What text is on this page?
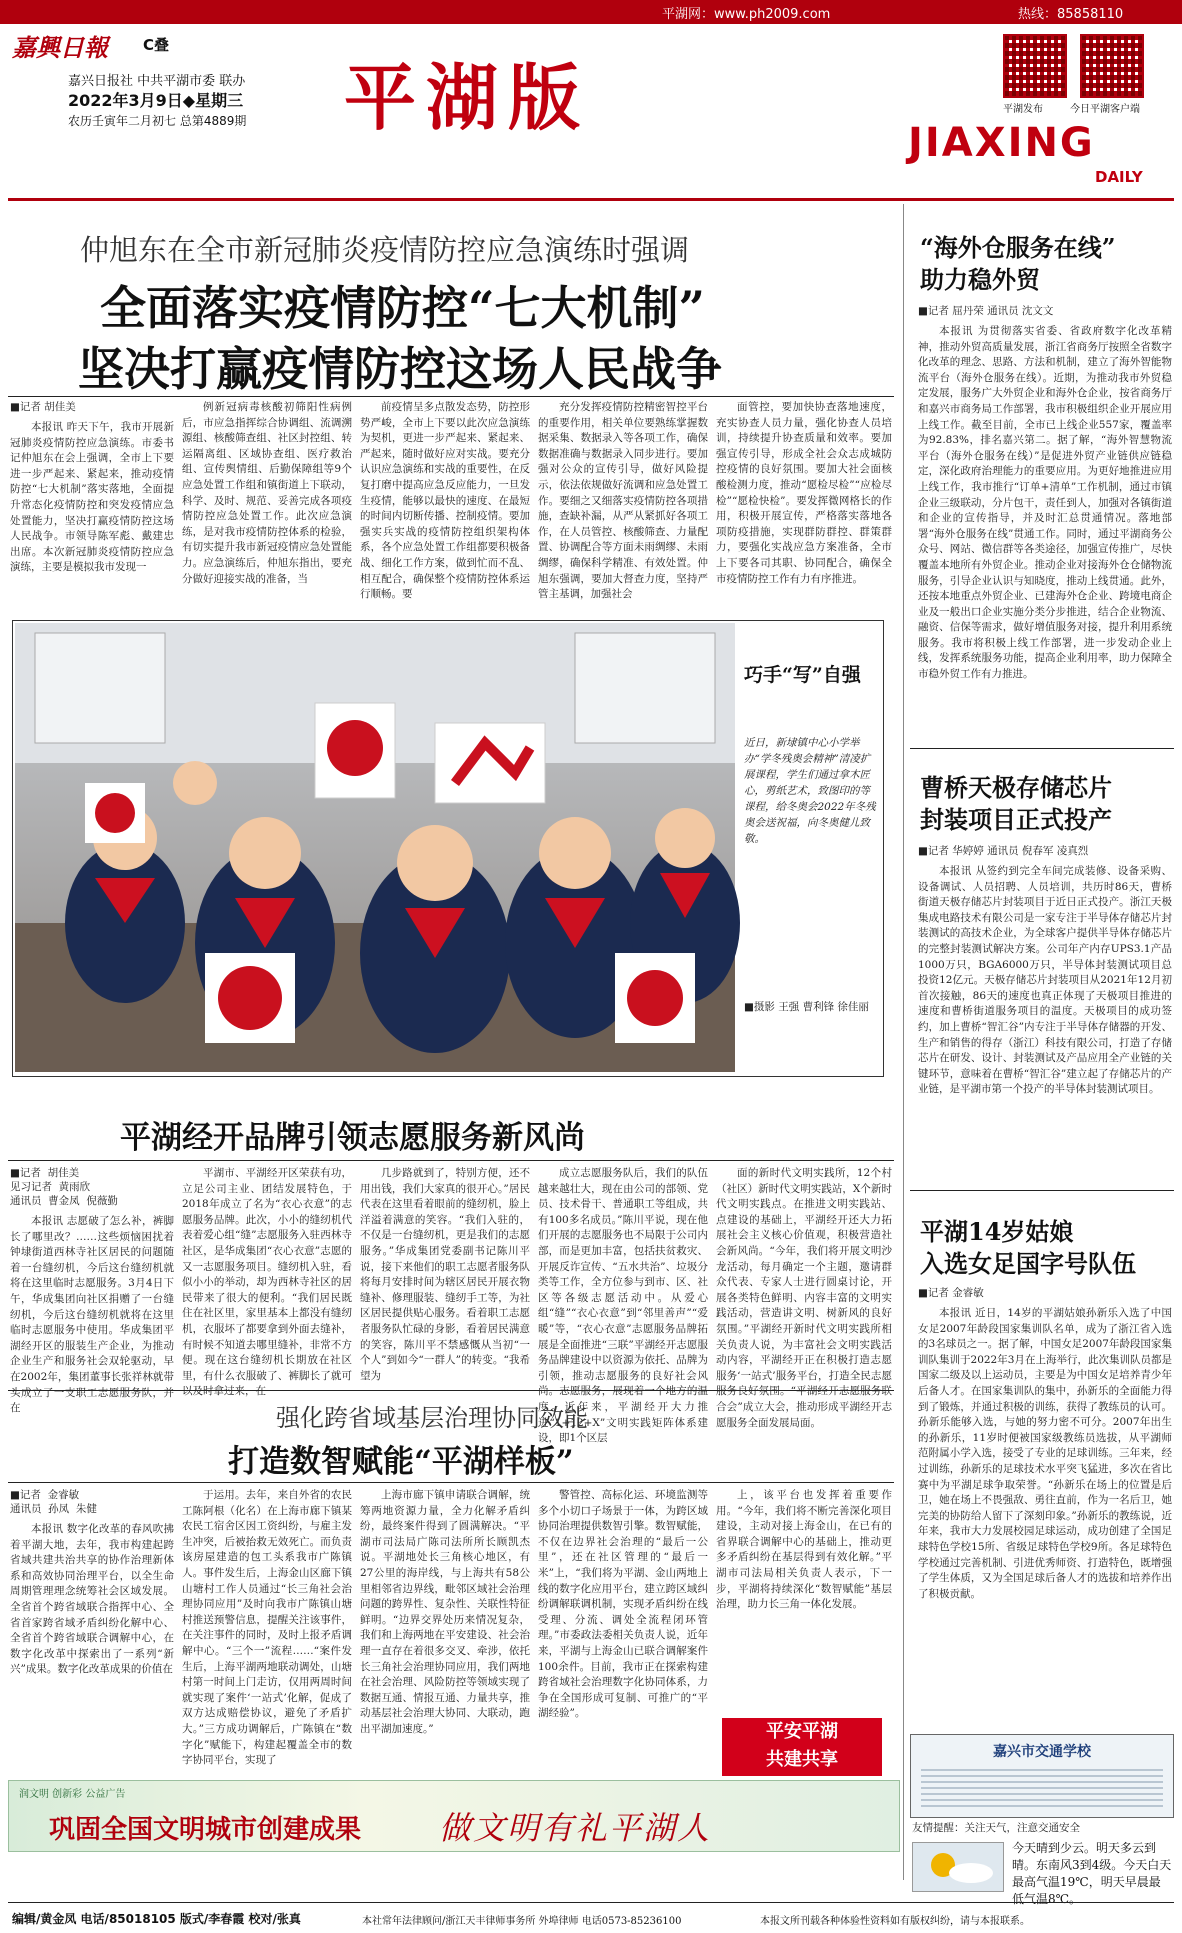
平湖网：www.ph2009.com	热线：85858110
嘉興日報	C叠
嘉兴日报社 中共平湖市委 联办
2022年3月9日◆星期三
农历壬寅年二月初七 总第4889期 平湖版	平湖发布	今日平湖客户端
JIAXING
DAILY
仲旭东在全市新冠肺炎疫情防控应急演练时强调
全面落实疫情防控“七大机制”
坚决打赢疫情防控这场人民战争
■记者 胡佳美

本报讯 昨天下午，我市开展新冠肺炎疫情防控应急演练。市委书记仲旭东在会上强调，全市上下要进一步严起来、紧起来，推动疫情防控“七大机制”落实落地，全面提升常态化疫情防控和突发疫情应急处置能力，坚决打赢疫情防控这场人民战争。市领导陈军彪、戴建忠出席。本次新冠肺炎疫情防控应急演练，主要是模拟我市发现一

例新冠病毒核酸初筛阳性病例后，市应急指挥综合协调组、流调溯源组、核酸筛查组、社区封控组、转运隔离组、区域协查组、医疗救治组、宣传舆情组、后勤保障组等9个应急处置工作组和镇街道上下联动，科学、及时、规范、妥善完成各项疫情防控应急处置工作。此次应急演练，是对我市疫情防控体系的检验，有切实提升我市新冠疫情应急处置能力。应急演练后，仲旭东指出，要充分做好迎接实战的准备，当

前疫情呈多点散发态势，防控形势严峻，全市上下要以此次应急演练为契机，更进一步严起来、紧起来、严起来，随时做好应对实战。要充分认识应急演练和实战的重要性，在反复打磨中提高应急反应能力，一旦发生疫情，能够以最快的速度、在最短的时间内切断传播、控制疫情。要加强实兵实战的疫情防控组织架构体系，各个应急处置工作组都要积极备战、细化工作方案，做到忙而不乱、相互配合，确保整个疫情防控体系运行顺畅。要

充分发挥疫情防控精密智控平台的重要作用，相关单位要熟练掌握数据采集、数据录入等各项工作，确保数据准确与数据录入同步进行。要加强对公众的宣传引导，做好风险提示，依法依规做好流调和应急处置工作。要细之又细落实疫情防控各项措施，查缺补漏，从严从紧抓好各项工作，在人员管控、核酸筛查、力量配置、协调配合等方面未雨绸缪、未雨绸缪，确保科学精准、有效处置。仲旭东强调，要加大督查力度，坚持严管主基调，加强社会

面管控，要加快协查落地速度，充实协查人员力量，强化协查人员培训，持续提升协查质量和效率。要加强宣传引导，形成全社会众志成城防控疫情的良好氛围。要加大社会面核酸检测力度，推动“愿检尽检”“应检尽检”“愿检快检”。要发挥微网格长的作用，积极开展宣传，严格落实落地各项防疫措施，实现群防群控、群策群力，要强化实战应急方案准备，全市上下要各司其职、协同配合，确保全市疫情防控工作有力有序推进。

巧手“写”自强
近日，新埭镇中心小学举办“学冬残奥会精神”清凌扩展课程，学生们通过拿木匠心，剪纸艺术，致图印的等课程，给冬奥会2022年冬残奥会送祝福，向冬奥健儿致敬。
■摄影 王强 曹利锋 徐佳丽
平湖经开品牌引领志愿服务新风尚
■记者  胡佳美
见习记者  黄雨欣
通讯员  曹金凤  倪薇勤

本报讯 志愿破了怎么补，裤脚长了哪里改？……这些烦恼困扰着钟埭街道西林寺社区居民的问题随着一台缝纫机，今后这台缝纫机就将在这里临时志愿服务。3月4日下午，华成集团向社区捐赠了一台缝纫机，今后这台缝纫机就将在这里临时志愿服务中使用。华成集团平湖经开区的服装生产企业，为推动企业生产和服务社会双轮驱动，早在2002年，集团董事长张祥林就带头成立了一支职工志愿服务队，并在

平湖市、平湖经开区荣获有功，立足公司主业、团结发展特色，于2018年成立了名为“衣心衣意”的志愿服务品牌。此次，小小的缝纫机代表着爱心组“缝”志愿服务入驻西林寺社区，是华成集团“衣心衣意”志愿的又一志愿服务项目。缝纫机入驻，看似小小的举动，却为西林寺社区的居民带来了很大的便利。“我们居民既住在社区里，家里基本上都没有缝纫机，衣服坏了都要拿到外面去缝补，有时候不知道去哪里缝补，非常不方便。现在这台缝纫机长期放在社区里，有什么衣服破了、裤脚长了就可以及时拿过来，在

几步路就到了，特别方便，还不用出钱，我们大家真的很开心。”居民代表在这里看着眼前的缝纫机，脸上洋溢着满意的笑容。“我们入驻的，不仅是一台缝纫机，更是我们的志愿服务。”华成集团党委副书记陈川平说，接下来他们的职工志愿者服务队将每月安排时间为辖区居民开展衣物缝补、修理服装、缝纫手工等，为社区居民提供贴心服务。看着职工志愿者服务队忙碌的身影，看着居民满意的笑容，陈川平不禁感慨从当初“一个人”到如今“一群人”的转变。“我希望为

成立志愿服务队后，我们的队伍越来越壮大，现在由公司的部领、党员、技术骨干、普通职工等组成，共有100多名成员。”陈川平说，现在他们开展的志愿服务也不局限于公司内部，而是更加丰富，包括扶贫救灾、开展反诈宣传、“五水共治”、垃圾分类等工作，全方位参与到市、区、社区等各级志愿活动中。从爱心组“缝”“衣心衣意”到“邻里善声”“爱暖”等，“衣心衣意”志愿服务品牌拓展是全面推进“三联”平湖经开志愿服务品牌建设中以资源为依托、品牌为引领，推动志愿服务的良好社会风尚。志愿服务，展现着一个地方的温度。近年来，平湖经开大力推进“1+12+X”文明实践矩阵体系建设，即1个区层

面的新时代文明实践所，12个村（社区）新时代文明实践站，X个新时代文明实践点。在推进文明实践站、点建设的基础上，平湖经开还大力拓展社会主义核心价值观，积极营造社会新风尚。“今年，我们将开展文明沙龙活动，每月确定一个主题，邀请群众代表、专家人士进行圆桌讨论，开展各类特色鲜明、内容丰富的文明实践活动，营造讲文明、树新风的良好氛围。”平湖经开新时代文明实践所相关负责人说，为丰富社会文明实践活动内容，平湖经开正在积极打造志愿服务‘一站式’服务平台，打造全民志愿服务良好氛围。“平湖经开志愿服务联合会”成立大会，推动形成平湖经开志愿服务全面发展局面。

强化跨省域基层治理协同效能
打造数智赋能“平湖样板”
■记者  金睿敏
通讯员  孙凤  朱健

本报讯 数字化改革的春风吹拂着平湖大地，去年，我市构建起跨省域共建共治共享的协作治理新体系和高效协同治理平台，以全生命周期管理理念统筹社会区域发展。全省首个跨省域联合指挥中心、全省首家跨省域矛盾纠纷化解中心、全省首个跨省域联合调解中心，在数字化改革中探索出了一系列“新兴”成果。数字化改革成果的价值在

于运用。去年，来自外省的农民工陈阿根（化名）在上海市廊下镇某农民工宿舍区因工资纠纷，与雇主发生冲突，后被抬救无效死亡。而负责该房屋建造的包工头系我市广陈镇人。事件发生后，上海金山区廊下镇山塘村工作人员通过“长三角社会治理协同应用”及时向我市广陈镇山塘村推送预警信息，提醒关注该事件，在关注事件的同时，及时上报矛盾调解中心。“三个一”流程……“案件发生后，上海平湖两地联动调处，山塘村第一时间上门走访，仅用两周时间就实现了案件‘一站式’化解，促成了双方达成赔偿协议，避免了矛盾扩大。”三方成功调解后，广陈镇在“数字化”赋能下，构建起覆盖全市的数字协同平台，实现了

上海市廊下镇申请联合调解，统筹两地资源力量，全力化解矛盾纠纷，最终案件得到了圆满解决。“平湖市司法局广陈司法所所长顾凯杰说。平湖地处长三角核心地区，有27公里的海岸线，与上海共有58公里相邻省边界线，毗邻区域社会治理问题的跨界性、复杂性、关联性特征鲜明。“边界交界处历来情况复杂，我们和上海两地在平安建设、社会治理一直存在着很多交叉、牵涉，依托长三角社会治理协同应用，我们两地在社会治理、风险防控等领域实现了数据互通、情报互通、力量共享，推动基层社会治理大协同、大联动，跑出平湖加速度。”

警管控、高标化运、环境监测等多个小切口子场景于一体，为跨区域协同治理提供数智引擎。数智赋能，不仅在边界社会治理的“最后一公里”，还在社区管理的“最后一米”上，“我们将为平湖、金山两地上线的数字化应用平台，建立跨区域纠纷调解联调机制，实现矛盾纠纷在线受理、分流、调处全流程闭环管理。”市委政法委相关负责人说，近年来，平湖与上海金山已联合调解案件100余件。目前，我市正在探索构建跨省域社会治理数字化协同体系，力争在全国形成可复制、可推广的“平湖经验”。

上，该平台也发挥着重要作用。“今年，我们将不断完善深化项目建设，主动对接上海金山，在已有的省界联合调解中心的基础上，推动更多矛盾纠纷在基层得到有效化解。”平湖市司法局相关负责人表示，下一步，平湖将持续深化“数智赋能”基层治理，助力长三角一体化发展。

平安平湖
共建共享
“海外仓服务在线”
助力稳外贸
■记者 屈丹荣 通讯员 沈文文

本报讯 为贯彻落实省委、省政府数字化改革精神，推动外贸高质量发展，浙江省商务厅按照全省数字化改革的理念、思路、方法和机制，建立了海外智能物流平台（海外仓服务在线）。近期，为推动我市外贸稳定发展，服务广大外贸企业和海外仓企业，按省商务厅和嘉兴市商务局工作部署，我市积极组织企业开展应用上线工作。截至目前，全市已上线企业557家，覆盖率为92.83%，排名嘉兴第二。据了解，“海外智慧物流平台（海外仓服务在线）”是促进外贸产业链供应链稳定，深化政府治理能力的重要应用。为更好地推进应用上线工作，我市推行“订单+清单”工作机制，通过市镇企业三级联动，分片包干，责任到人，加强对各镇街道和企业的宣传指导，并及时汇总贯通情况。落地部署“海外仓服务在线”贯通工作。同时，通过平湖商务公众号、网站、微信群等各类途径，加强宣传推广，尽快覆盖本地所有外贸企业。推动企业对接海外仓仓储物流服务，引导企业认识与知晓度，推动上线贯通。此外，还按本地重点外贸企业、已建海外仓企业、跨境电商企业及一般出口企业实施分类分步推进，结合企业物流、融资、信保等需求，做好增值服务对接，提升利用系统服务。我市将积极上线工作部署，进一步发动企业上线，发挥系统服务功能，提高企业利用率，助力保障全市稳外贸工作有力推进。

曹桥天极存储芯片
封装项目正式投产
■记者 华婷婷 通讯员 倪春军 凌真烈

本报讯 从签约到完全车间完成装修、设备采购、设备调试、人员招聘、人员培训，共历时86天，曹桥街道天极存储芯片封装项目于近日正式投产。浙江天极集成电路技术有限公司是一家专注于半导体存储芯片封装测试的高技术企业，为全球客户提供半导体存储芯片的完整封装测试解决方案。公司年产内存UPS3.1产品1000万只，BGA6000万只，半导体封装测试项目总投资12亿元。天极存储芯片封装项目从2021年12月初首次接触，86天的速度也真正体现了天极项目推进的速度和曹桥街道服务项目的温度。天极项目的成功签约，加上曹桥“智汇谷”内专注于半导体存储器的开发、生产和销售的得存（浙江）科技有限公司，打造了存储芯片在研发、设计、封装测试及产品应用全产业链的关键环节，意味着在曹桥“智汇谷”建立起了存储芯片的产业链，是平湖市第一个投产的半导体封装测试项目。

平湖14岁姑娘
入选女足国字号队伍
■记者 金睿敏

本报讯 近日，14岁的平湖姑娘孙新乐入选了中国女足2007年龄段国家集训队名单，成为了浙江省入选的3名球员之一。据了解，中国女足2007年龄段国家集训队集训于2022年3月在上海举行，此次集训队员都是国家二级及以上运动员，主要是为中国女足培养青少年后备人才。在国家集训队的集中，孙新乐的全面能力得到了锻炼，并通过积极的训练，获得了教练员的认可。孙新乐能够入选，与她的努力密不可分。2007年出生的孙新乐，11岁时便被国家级教练员选拔，从平湖师范附属小学入选，接受了专业的足球训练。三年来，经过训练，孙新乐的足球技术水平突飞猛进，多次在省比赛中为平湖足球争取荣誉。“孙新乐在场上的位置是后卫，她在场上不畏强敌、勇往直前，作为一名后卫，她完美的协防给人留下了深刻印象。”孙新乐的教练说，近年来，我市大力发展校园足球运动，成功创建了全国足球特色学校15所、省级足球特色学校9所。各足球特色学校通过完善机制、引进优秀师资、打造特色，既增强了学生体质，又为全国足球后备人才的选拔和培养作出了积极贡献。

嘉兴市交通学校
友情提醒：关注天气，注意交通安全
今天晴到少云。明天多云到晴。东南风3到4级。今天白天最高气温19℃，明天早晨最低气温8℃。
润文明 创新彩 公益广告
巩固全国文明城市创建成果 做文明有礼平湖人
编辑/黄金凤 电话/85018105 版式/李春霞 校对/张真	本社常年法律顾问/浙江天丰律师事务所 外埠律师 电话0573-85236100	本报文所刊载各种体验性资料如有版权纠纷，请与本报联系。
